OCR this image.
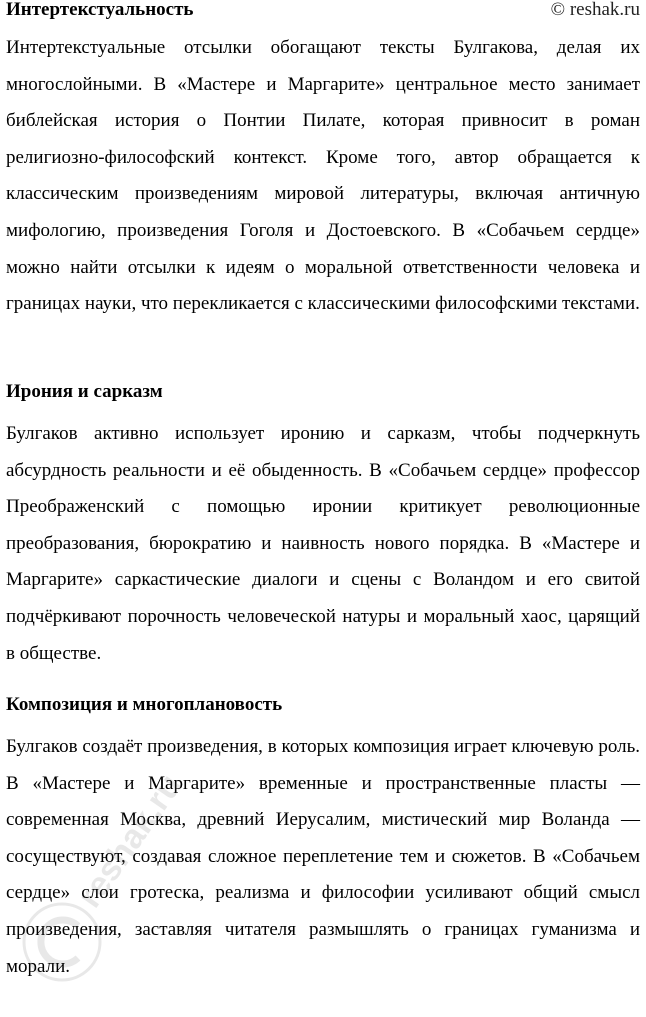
Интертекстуальность	© reshak.ru

Интертекстуальные отсылки обогащают тексты Булгакова, делая их многослойными. В «Мастере и Маргарите» центральное место занимает библейская история о Понтии Пилате, которая привносит в роман религиозно-философский контекст. Кроме того, автор обращается к классическим произведениям мировой литературы, включая античную мифологию, произведения Гоголя и Достоевского. В «Собачьем сердце» можно найти отсылки к идеям о моральной ответственности человека и границах науки, что перекликается с классическими философскими текстами.

Ирония и сарказм

Булгаков активно использует иронию и сарказм, чтобы подчеркнуть абсурдность реальности и её обыденность. В «Собачьем сердце» профессор Преображенский с помощью иронии критикует революционные преобразования, бюрократию и наивность нового порядка. В «Мастере и Маргарите» саркастические диалоги и сцены с Воландом и его свитой подчёркивают порочность человеческой натуры и моральный хаос, царящий в обществе.

Композиция и многоплановость

Булгаков создаёт произведения, в которых композиция играет ключевую роль. В «Мастере и Маргарите» временные и пространственные пласты — современная Москва, древний Иерусалим, мистический мир Воланда — сосуществуют, создавая сложное переплетение тем и сюжетов. В «Собачьем сердце» слои гротеска, реализма и философии усиливают общий смысл произведения, заставляя читателя размышлять о границах гуманизма и морали.

reshak.ru
